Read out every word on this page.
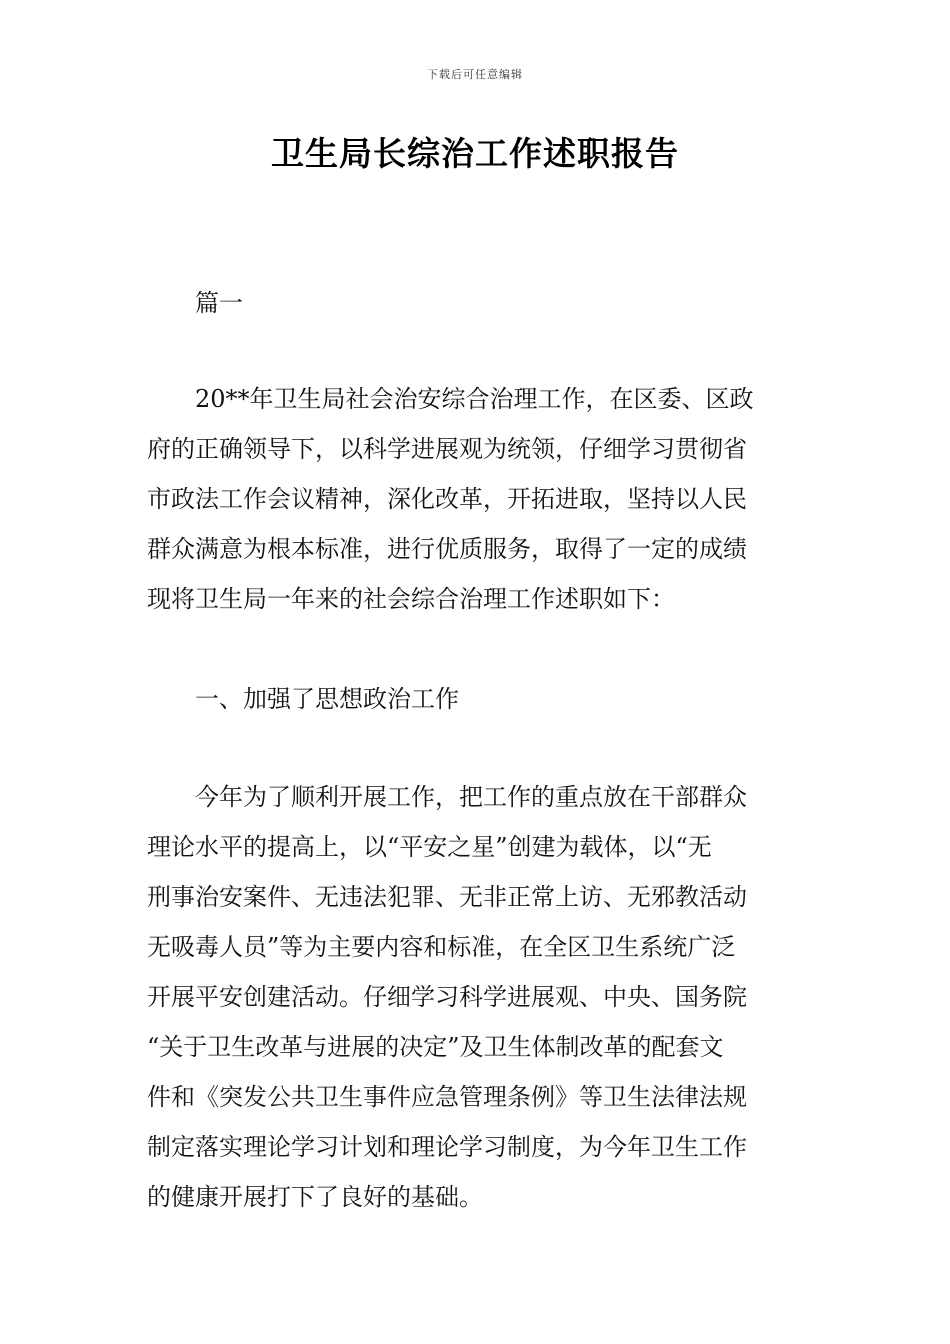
下载后可任意编辑
卫生局长综治工作述职报告
篇一
20**年卫生局社会治安综合治理工作，在区委、区政
府的正确领导下，以科学进展观为统领，仔细学习贯彻省
市政法工作会议精神，深化改革，开拓进取，坚持以人民
群众满意为根本标准，进行优质服务，取得了一定的成绩
现将卫生局一年来的社会综合治理工作述职如下：
一、加强了思想政治工作
今年为了顺利开展工作，把工作的重点放在干部群众
理论水平的提高上，以“平安之星”创建为载体，以“无
刑事治安案件、无违法犯罪、无非正常上访、无邪教活动
无吸毒人员”等为主要内容和标准，在全区卫生系统广泛
开展平安创建活动。仔细学习科学进展观、中央、国务院
“关于卫生改革与进展的决定”及卫生体制改革的配套文
件和《突发公共卫生事件应急管理条例》等卫生法律法规
制定落实理论学习计划和理论学习制度，为今年卫生工作
的健康开展打下了良好的基础。
